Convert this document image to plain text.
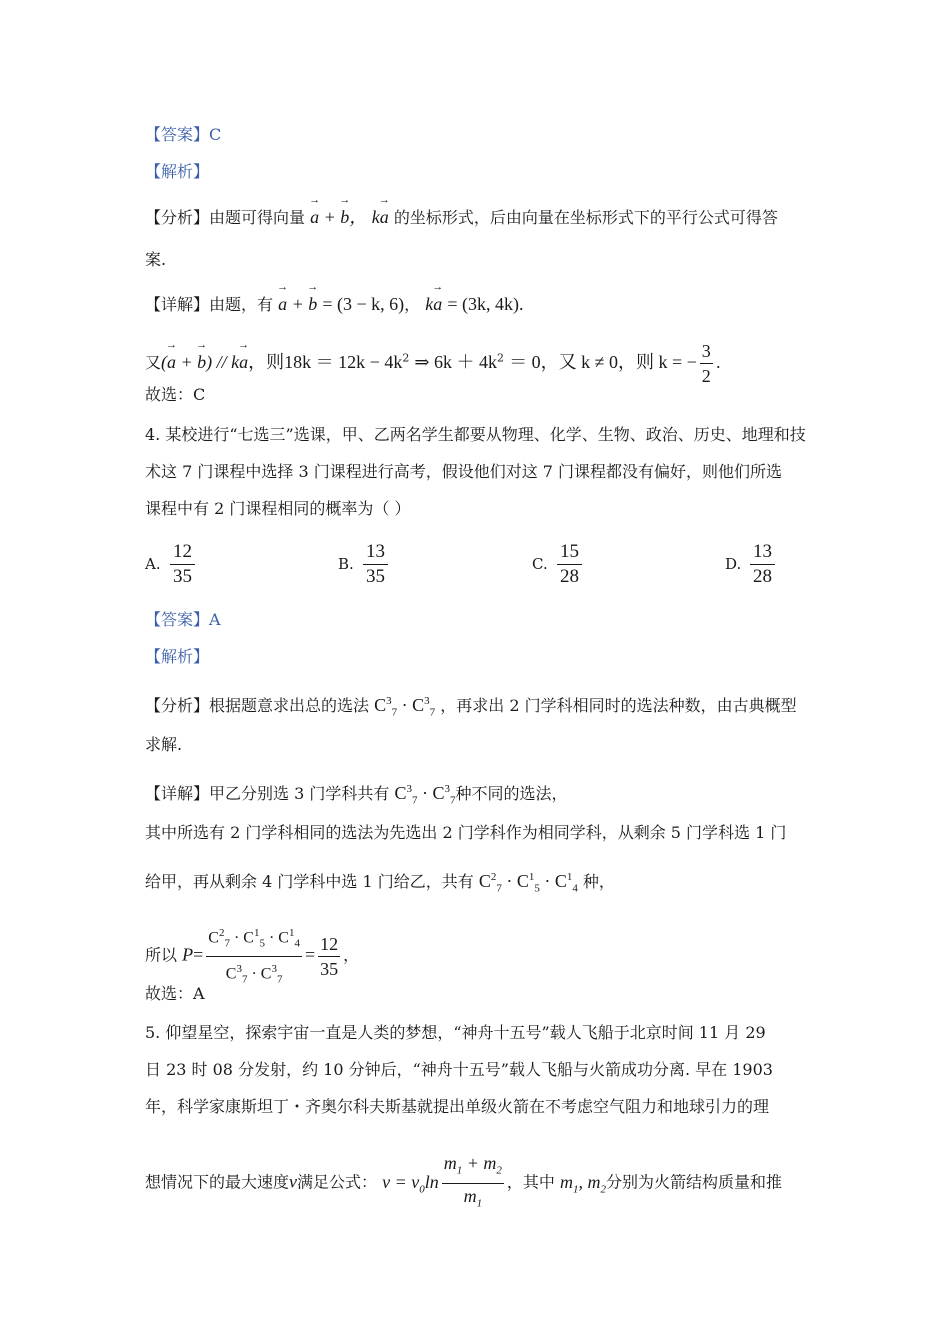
【答案】C
【解析】
【分析】由题可得向量 → a + → b， k→ a 的坐标形式，后由向量在坐标形式下的平行公式可得答
案.
【详解】由题，有 → a + → b = (3 − k, 6)， k→ a = (3k, 4k).
又(→ a + → b) // k→ a，则$18k = 12k - 4k^2$ ⇒ $6k + 4k^2 = 0$，又 k ≠ 0，则 k = − $\frac{3}{2}$ .
故选：C
4. 某校进行“七选三”选课，甲、乙两名学生都要从物理、化学、生物、政治、历史、地理和技
术这 7 门课程中选择 3 门课程进行高考，假设他们对这 7 门课程都没有偏好，则他们所选
课程中有 2 门课程相同的概率为（ ）
A. $\frac{12}{35}$	B. $\frac{13}{35}$	C. $\frac{15}{28}$	D. $\frac{13}{28}$
【答案】A
【解析】
【分析】根据题意求出总的选法 $C^3_7 \cdot C^3_7$ ，再求出 2 门学科相同时的选法种数，由古典概型
求解.
【详解】甲乙分别选 3 门学科共有 $C^3_7 \cdot C^3_7$种不同的选法，
其中所选有 2 门学科相同的选法为先选出 2 门学科作为相同学科，从剩余 5 门学科选 1 门
给甲，再从剩余 4 门学科中选 1 门给乙，共有 $C^2_7 \cdot C^1_5 \cdot C^1_4$ 种，
所以 $P= \frac{C^2_7 \cdot C^1_5 \cdot C^1_4}{C^3_7 \cdot C^3_7} = \frac{12}{35}$ ，
故选：A
5. 仰望星空，探索宇宙一直是人类的梦想，“神舟十五号”载人飞船于北京时间 11 月 29
日 23 时 08 分发射，约 10 分钟后，“神舟十五号”载人飞船与火箭成功分离. 早在 1903
年，科学家康斯坦丁・齐奥尔科夫斯基就提出单级火箭在不考虑空气阻力和地球引力的理
想情况下的最大速度v满足公式： $v = v_0\ln \frac{m_1 + m_2}{m_1}$ ，其中 $m_1$, $m_2$分别为火箭结构质量和推
